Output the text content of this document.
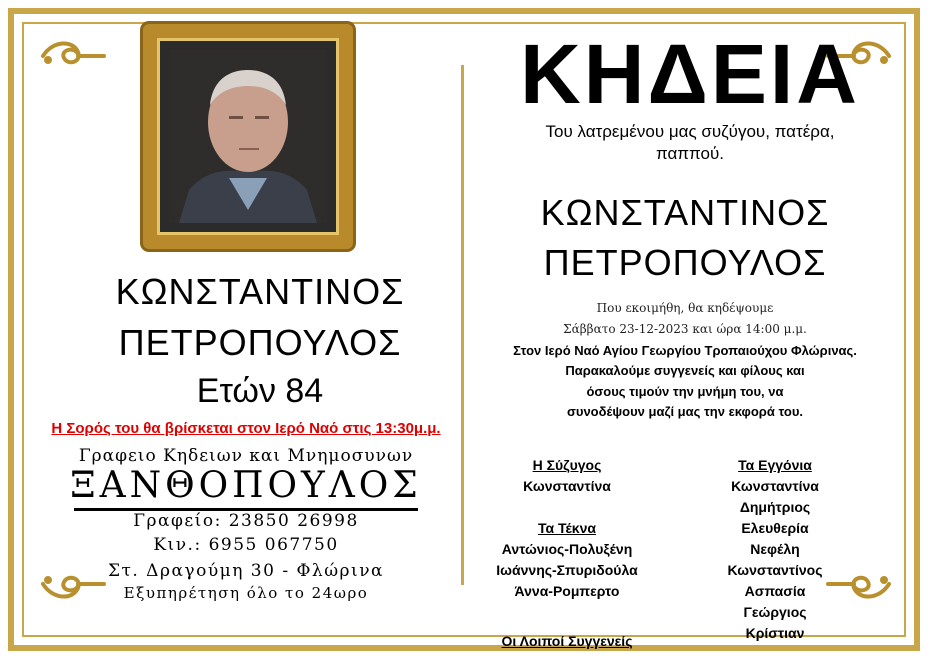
ΚΩΝΣΤΑΝΤΙΝΟΣ
ΠΕΤΡΟΠΟΥΛΟΣ
Ετών 84
Η Σορός του θα βρίσκεται στον Ιερό Ναό στις 13:30μ.μ.
Γραφειο Κηδειων και Μνημοσυνων
ΞΑΝΘΟΠΟΥΛΟΣ
Γραφείο: 23850 26998
Κιν.: 6955 067750
Στ. Δραγούμη 30 - Φλώρινα
Εξυπηρέτηση όλο το 24ωρο
ΚΗΔΕΙΑ
Του λατρεμένου μας συζύγου, πατέρα,
παππού.
ΚΩΝΣΤΑΝΤΙΝΟΣ
ΠΕΤΡΟΠΟΥΛΟΣ
Που εκοιμήθη, θα κηδέψουμε
Σάββατο 23-12-2023 και ώρα 14:00 μ.μ.
Στον Ιερό Ναό Αγίου Γεωργίου Τροπαιούχου Φλώρινας.
Παρακαλούμε συγγενείς και φίλους και
όσους τιμούν την μνήμη του, να
συνοδέψουν μαζί μας την εκφορά του.
Η Σύζυγος
Κωνσταντίνα
Τα Τέκνα
Αντώνιος-Πολυξένη
Ιωάννης-Σπυριδούλα
Άννα-Ρομπερτο
Οι Λοιποί Συγγενείς
Τα Εγγόνια
Κωνσταντίνα
Δημήτριος
Ελευθερία
Νεφέλη
Κωνσταντίνος
Ασπασία
Γεώργιος
Κρίστιαν
